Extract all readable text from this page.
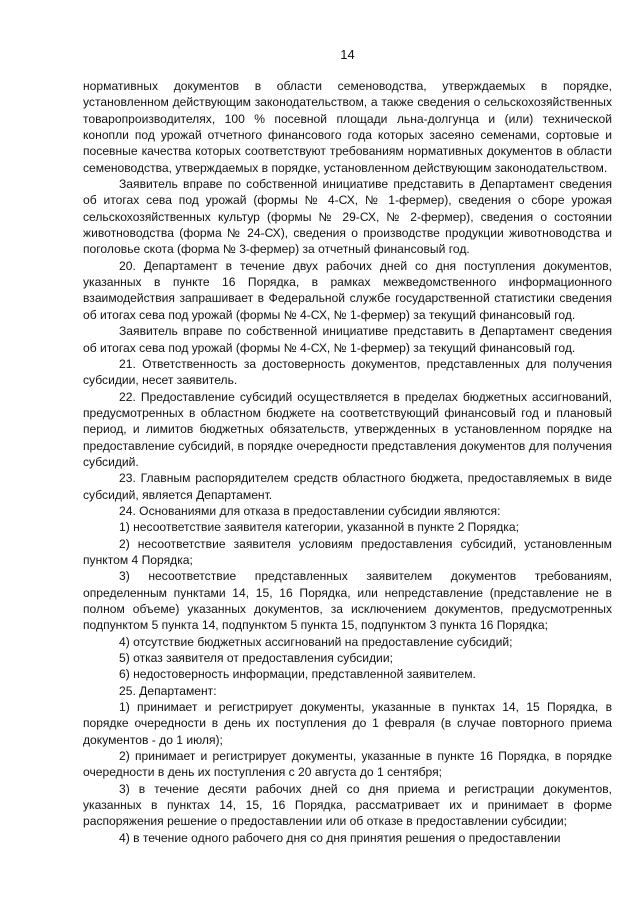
14

нормативных документов в области семеноводства, утверждаемых в порядке, установленном действующим законодательством, а также сведения о сельскохозяйственных товаропроизводителях, 100 % посевной площади льна-долгунца и (или) технической конопли под урожай отчетного финансового года которых засеяно семенами, сортовые и посевные качества которых соответствуют требованиям нормативных документов в области семеноводства, утверждаемых в порядке, установленном действующим законодательством.

Заявитель вправе по собственной инициативе представить в Департамент сведения об итогах сева под урожай (формы № 4-СХ, № 1-фермер), сведения о сборе урожая сельскохозяйственных культур (формы № 29-СХ, № 2-фермер), сведения о состоянии животноводства (форма № 24-СХ), сведения о производстве продукции животноводства и поголовье скота (форма № 3-фермер) за отчетный финансовый год.

20. Департамент в течение двух рабочих дней со дня поступления документов, указанных в пункте 16 Порядка, в рамках межведомственного информационного взаимодействия запрашивает в Федеральной службе государственной статистики сведения об итогах сева под урожай (формы № 4-СХ, № 1-фермер) за текущий финансовый год.

Заявитель вправе по собственной инициативе представить в Департамент сведения об итогах сева под урожай (формы № 4-СХ, № 1-фермер) за текущий финансовый год.

21. Ответственность за достоверность документов, представленных для получения субсидии, несет заявитель.

22. Предоставление субсидий осуществляется в пределах бюджетных ассигнований, предусмотренных в областном бюджете на соответствующий финансовый год и плановый период, и лимитов бюджетных обязательств, утвержденных в установленном порядке на предоставление субсидий, в порядке очередности представления документов для получения субсидий.

23. Главным распорядителем средств областного бюджета, предоставляемых в виде субсидий, является Департамент.

24. Основаниями для отказа в предоставлении субсидии являются:

1) несоответствие заявителя категории, указанной в пункте 2 Порядка;

2) несоответствие заявителя условиям предоставления субсидий, установленным пунктом 4 Порядка;

3) несоответствие представленных заявителем документов требованиям, определенным пунктами 14, 15, 16 Порядка, или непредставление (представление не в полном объеме) указанных документов, за исключением документов, предусмотренных подпунктом 5 пункта 14, подпунктом 5 пункта 15, подпунктом 3 пункта 16 Порядка;

4) отсутствие бюджетных ассигнований на предоставление субсидий;

5) отказ заявителя от предоставления субсидии;

6) недостоверность информации, представленной заявителем.

25. Департамент:

1) принимает и регистрирует документы, указанные в пунктах 14, 15 Порядка, в порядке очередности в день их поступления до 1 февраля (в случае повторного приема документов - до 1 июля);

2) принимает и регистрирует документы, указанные в пункте 16 Порядка, в порядке очередности в день их поступления с 20 августа до 1 сентября;

3) в течение десяти рабочих дней со дня приема и регистрации документов, указанных в пунктах 14, 15, 16 Порядка, рассматривает их и принимает в форме распоряжения решение о предоставлении или об отказе в предоставлении субсидии;

4) в течение одного рабочего дня со дня принятия решения о предоставлении
